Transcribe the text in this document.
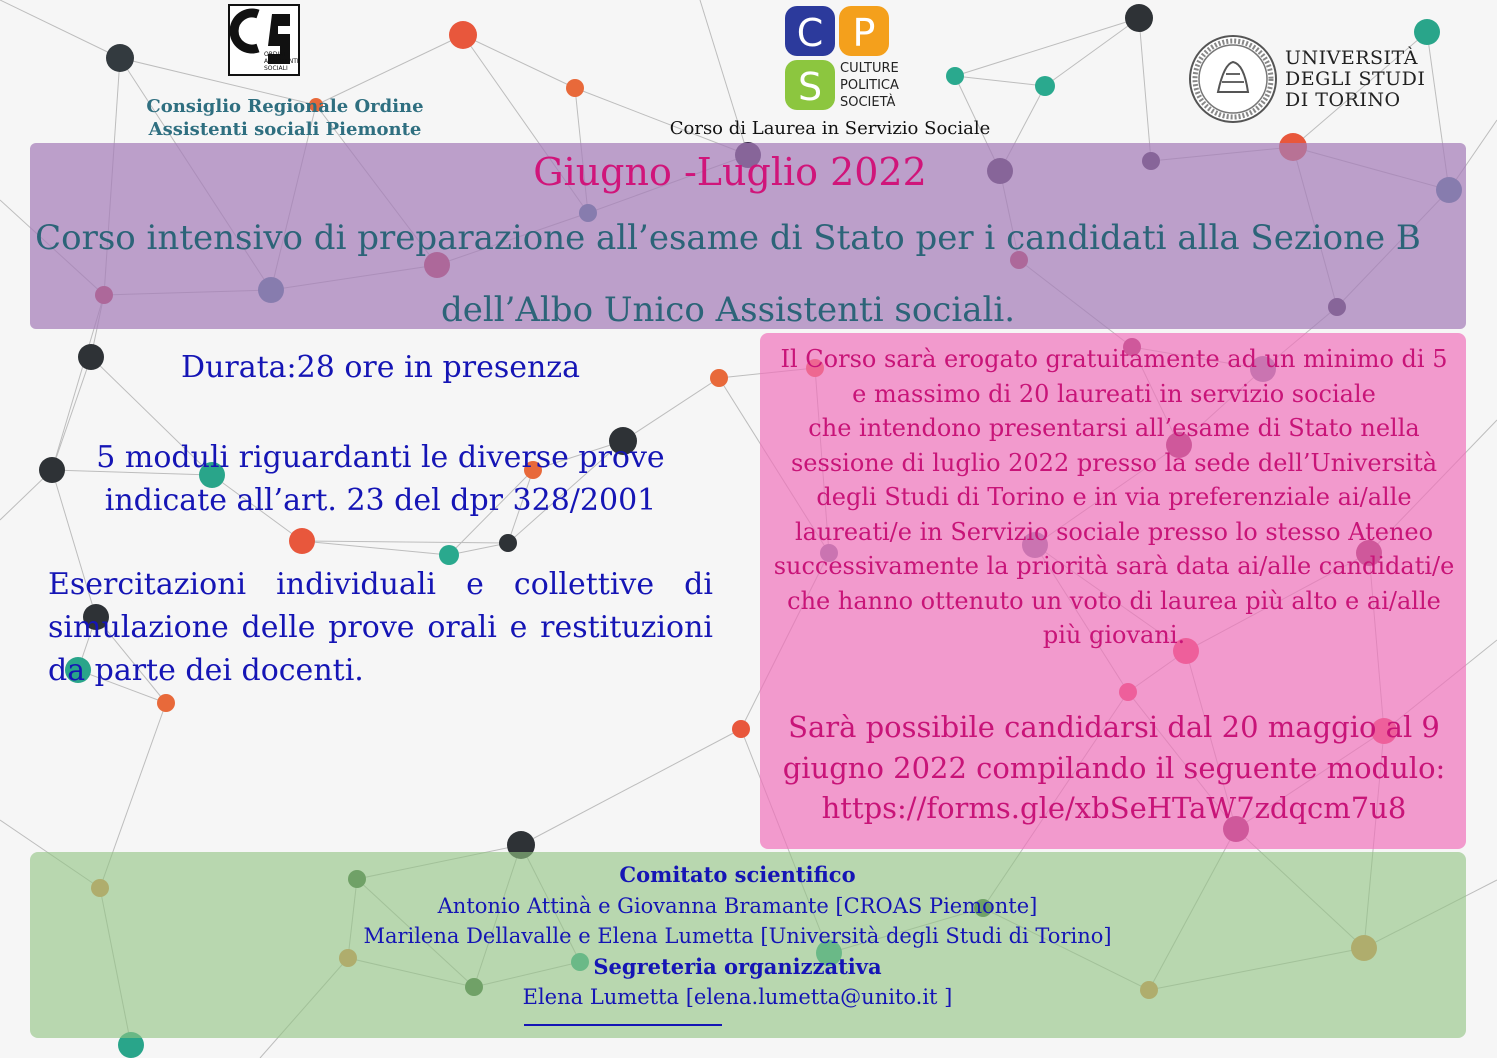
ORDINE
ASSISTENTI
SOCIALI
Consiglio Regionale Ordine
Assistenti sociali Piemonte
C P
S CULTURE
POLITICA
SOCIETÀ
Corso di Laurea in Servizio Sociale
UNIVERSITÀ
DEGLI STUDI
DI TORINO
Giugno -Luglio 2022
Corso intensivo di preparazione all’esame di Stato per i candidati alla Sezione B
dell’Albo Unico Assistenti sociali.
Durata:28 ore in presenza
5 moduli riguardanti le diverse prove indicate all’art. 23 del dpr 328/2001
Esercitazioni individuali e collettive di simulazione delle prove orali e restituzioni da parte dei docenti.
Il Corso sarà erogato gratuitamente ad un minimo di 5 e massimo di 20 laureati in servizio sociale
che intendono presentarsi all’esame di Stato nella sessione di luglio 2022 presso la sede dell’Università degli Studi di Torino e in via preferenziale ai/alle laureati/e in Servizio sociale presso lo stesso Ateneo
successivamente la priorità sarà data ai/alle candidati/e che hanno ottenuto un voto di laurea più alto e ai/alle più giovani.
Sarà possibile candidarsi dal 20 maggio al 9 giugno 2022 compilando il seguente modulo:
https://forms.gle/xbSeHTaW7zdqcm7u8
Comitato scientifico
Antonio Attinà e Giovanna Bramante [CROAS Piemonte]
Marilena Dellavalle e Elena Lumetta [Università degli Studi di Torino]
Segreteria organizzativa
Elena Lumetta [elena.lumetta@unito.it ]
